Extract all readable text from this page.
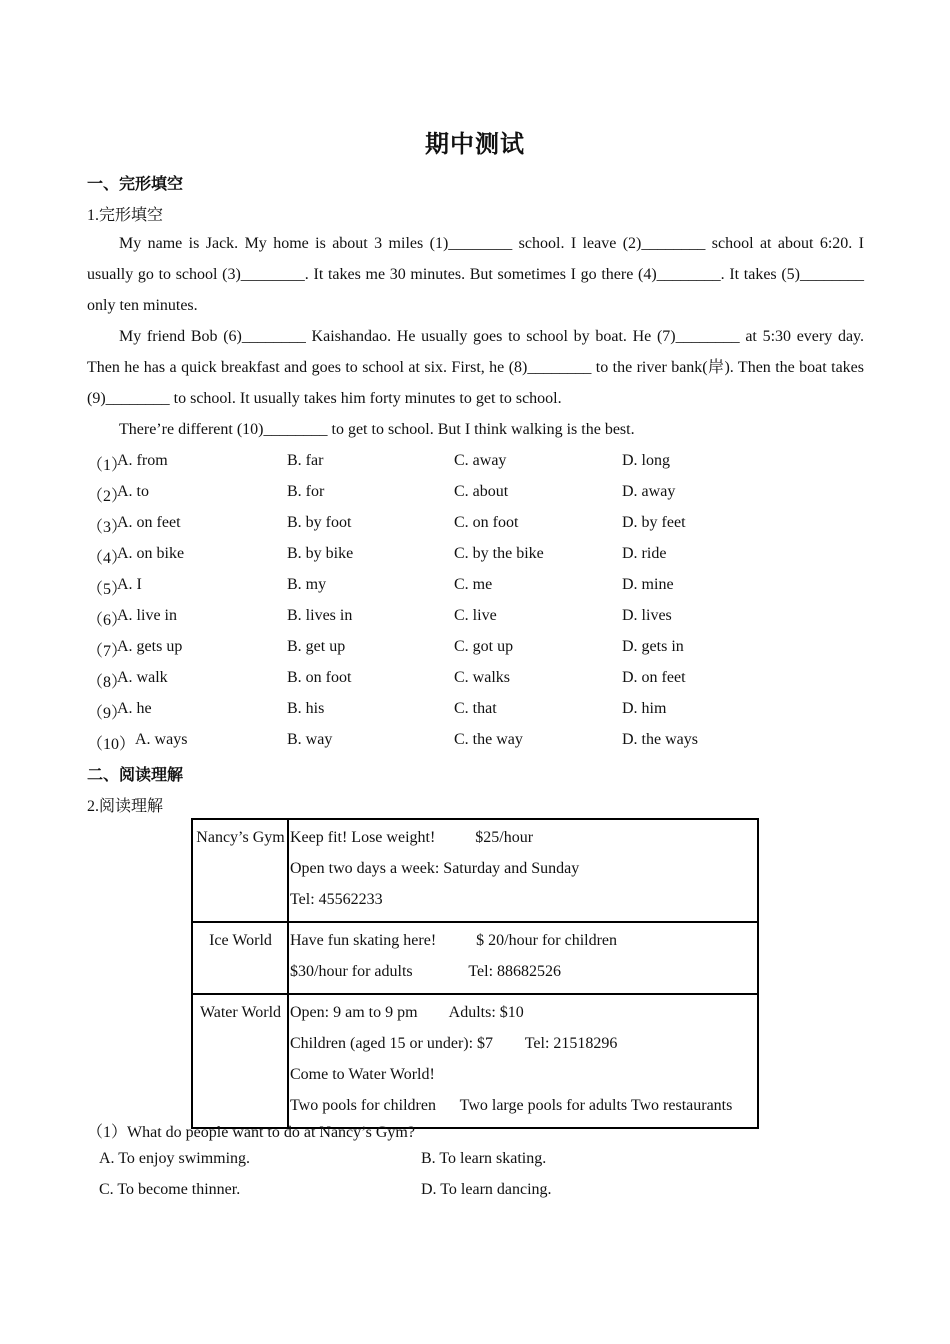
期中测试
一、完形填空
1.完形填空
My name is Jack. My home is about 3 miles (1)________ school. I leave (2)________ school at about 6:20. I usually go to school (3)________. It takes me 30 minutes. But sometimes I go there (4)________. It takes (5)________ only ten minutes.
My friend Bob (6)________ Kaishandao. He usually goes to school by boat. He (7)________ at 5:30 every day. Then he has a quick breakfast and goes to school at six. First, he (8)________ to the river bank(岸). Then the boat takes (9)________ to school. It usually takes him forty minutes to get to school.
There’re different (10)________ to get to school. But I think walking is the best.
（1）
A. from	B. far	C. away	D. long
（2）
A. to	B. for	C. about	D. away
（3）
A. on feet	B. by foot	C. on foot	D. by feet
（4）
A. on bike	B. by bike	C. by the bike	D. ride
（5）
A. I	B. my	C. me	D. mine
（6）
A. live in	B. lives in	C. live	D. lives
（7）
A. gets up	B. get up	C. got up	D. gets in
（8）
A. walk	B. on foot	C. walks	D. on feet
（9）
A. he	B. his	C. that	D. him
（10） A. ways	B. way	C. the way	D. the ways
二、阅读理解
2.阅读理解
Nancy’s Gym	Keep fit! Lose weight!          $25/hour
Open two days a week: Saturday and Sunday
Tel: 45562233

Ice World	Have fun skating here!          $ 20/hour for children
$30/hour for adults              Tel: 88682526

Water World	Open: 9 am to 9 pm        Adults: $10
Children (aged 15 or under): $7        Tel: 21518296
Come to Water World!
Two pools for children      Two large pools for adults Two restaurants
（1）What do people want to do at Nancy’s Gym?
A. To enjoy swimming.	B. To learn skating.
C. To become thinner.	D. To learn dancing.
